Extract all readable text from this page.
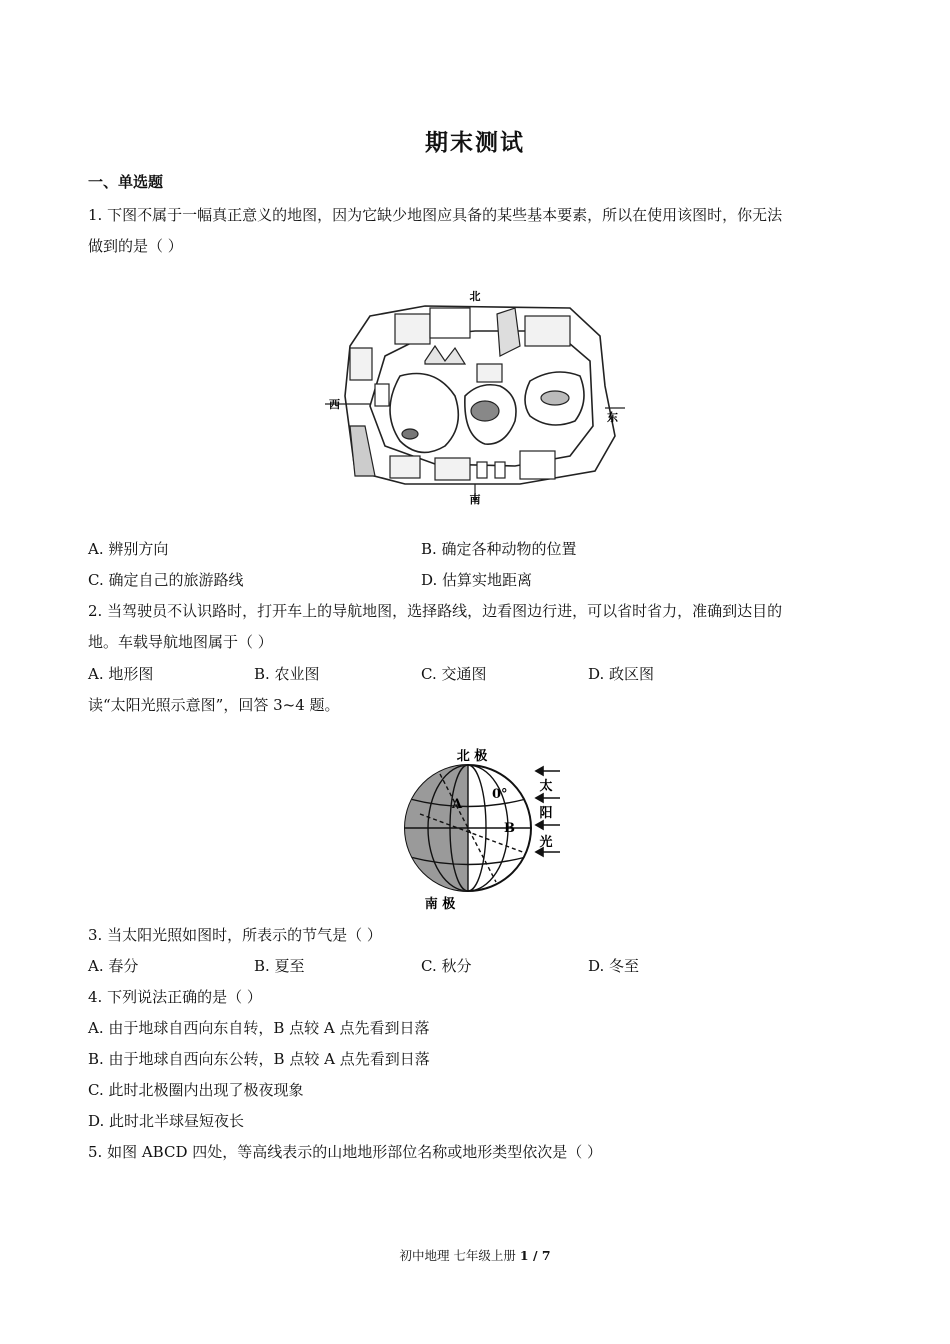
期末测试
一、单选题
1. 下图不属于一幅真正意义的地图，因为它缺少地图应具备的某些基本要素，所以在使用该图时，你无法
做到的是（ ）
北
南
东
西
A. 辨别方向	B. 确定各种动物的位置
C. 确定自己的旅游路线	D. 估算实地距离
2. 当驾驶员不认识路时，打开车上的导航地图，选择路线，边看图边行进，可以省时省力，准确到达目的
地。车载导航地图属于（ ）
A. 地形图	B. 农业图	C. 交通图	D. 政区图
读“太阳光照示意图”，回答 3~4 题。
A
B
0°
北 极
南 极
太
阳
光
3. 当太阳光照如图时，所表示的节气是（ ）
A. 春分	B. 夏至	C. 秋分	D. 冬至
4. 下列说法正确的是（ ）
A. 由于地球自西向东自转，B 点较 A 点先看到日落
B. 由于地球自西向东公转，B 点较 A 点先看到日落
C. 此时北极圈内出现了极夜现象
D. 此时北半球昼短夜长
5. 如图 ABCD 四处，等高线表示的山地地形部位名称或地形类型依次是（ ）
初中地理 七年级上册 1 / 7
